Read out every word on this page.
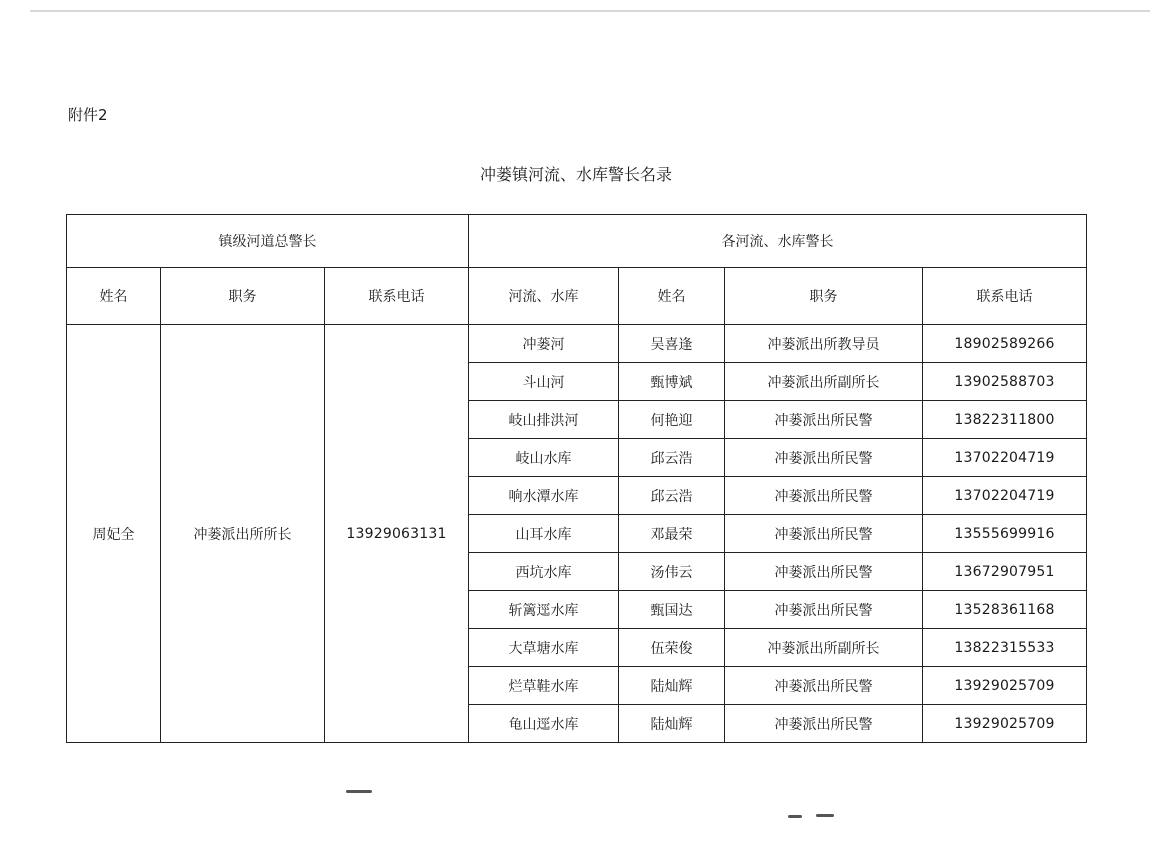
附件2
冲蒌镇河流、水库警长名录
镇级河道总警长			各河流、水库警长			
姓名	职务	联系电话	河流、水库	姓名	职务	联系电话
周妃全	冲蒌派出所所长	13929063131	冲蒌河	吴喜逢	冲蒌派出所教导员	18902589266
			斗山河	甄博斌	冲蒌派出所副所长	13902588703
			岐山排洪河	何艳迎	冲蒌派出所民警	13822311800
			岐山水库	邱云浩	冲蒌派出所民警	13702204719
			响水潭水库	邱云浩	冲蒌派出所民警	13702204719
			山耳水库	邓最荣	冲蒌派出所民警	13555699916
			西坑水库	汤伟云	冲蒌派出所民警	13672907951
			斩篱逕水库	甄国达	冲蒌派出所民警	13528361168
			大草塘水库	伍荣俊	冲蒌派出所副所长	13822315533
			烂草鞋水库	陆灿辉	冲蒌派出所民警	13929025709
			龟山逕水库	陆灿辉	冲蒌派出所民警	13929025709
